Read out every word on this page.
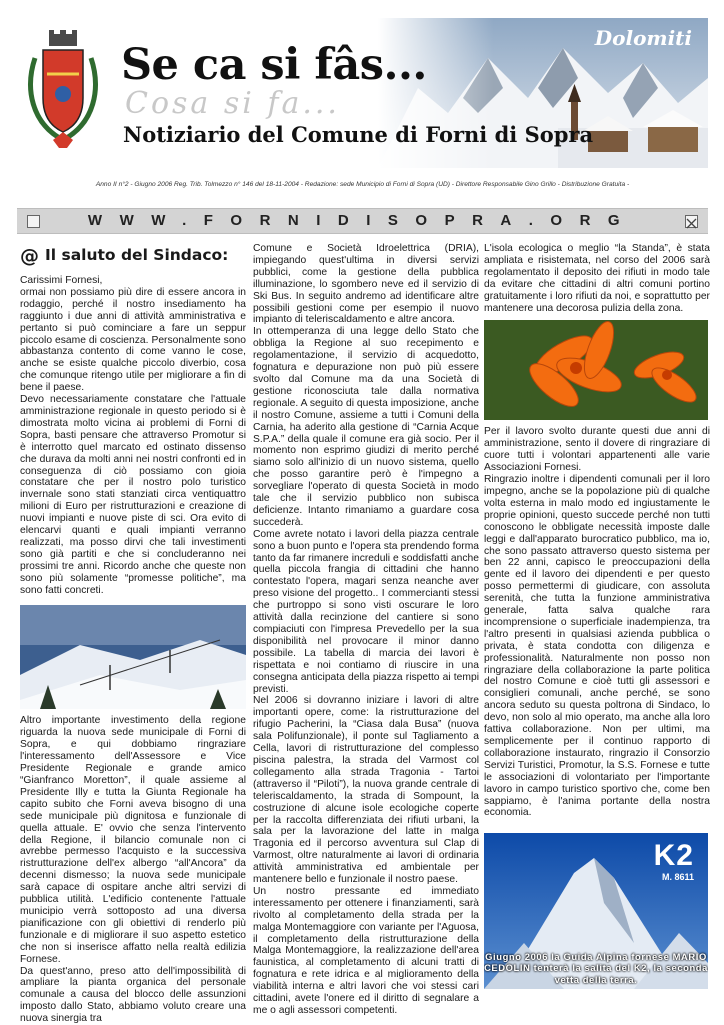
Se ca si fâs...
Cosa si fa...
Notiziario del Comune di Forni di Sopra
Dolomiti
Anno II n°2 - Giugno 2006 Reg. Trib. Tolmezzo n° 146 del 18-11-2004 - Redazione: sede Municipio di Forni di Sopra (UD) - Direttore Responsabile Gino Grillo - Distribuzione Gratuita -
WWW.FORNIDISOPRA.ORG
@ Il saluto del Sindaco:

Carissimi Fornesi,
ormai non possiamo più dire di essere ancora in rodaggio, perché il nostro insediamento ha raggiunto i due anni di attività amministrativa e pertanto si può cominciare a fare un seppur piccolo esame di coscienza. Personalmente sono abbastanza contento di come vanno le cose, anche se esiste qualche piccolo diverbio, cosa che comunque ritengo utile per migliorare a fin di bene il paese.
Devo necessariamente constatare che l'attuale amministrazione regionale in questo periodo si è dimostrata molto vicina ai problemi di Forni di Sopra, basti pensare che attraverso Promotur si è interrotto quel marcato ed ostinato dissenso che durava da molti anni nei nostri confronti ed in conseguenza di ciò possiamo con gioia constatare che per il nostro polo turistico invernale sono stati stanziati circa ventiquattro milioni di Euro per ristrutturazioni e creazione di nuovi impianti e nuove piste di sci. Ora evito di elencarvi quanti e quali impianti verranno realizzati, ma posso dirvi che tali investimenti sono già partiti e che si concluderanno nei prossimi tre anni. Ricordo anche che queste non sono più solamente “promesse politiche”, ma sono fatti concreti.

Altro importante investimento della regione riguarda la nuova sede municipale di Forni di Sopra, e qui dobbiamo ringraziare l'interessamento dell'Assessore e Vice Presidente Regionale e grande amico “Gianfranco Moretton”, il quale assieme al Presidente Illy e tutta la Giunta Regionale ha capito subito che Forni aveva bisogno di una sede municipale più dignitosa e funzionale di quella attuale. E' ovvio che senza l'intervento della Regione, il bilancio comunale non ci avrebbe permesso l'acquisto e la successiva ristrutturazione dell'ex albergo “all'Ancora” da decenni dismesso; la nuova sede municipale sarà capace di ospitare anche altri servizi di pubblica utilità. L'edificio contenente l'attuale municipio verrà sottoposto ad una diversa pianificazione con gli obiettivi di renderlo più funzionale e di migliorare il suo aspetto estetico che non si inserisce affatto nella realtà edilizia Fornese.
Da quest'anno, preso atto dell'impossibilità di ampliare la pianta organica del personale comunale a causa del blocco delle assunzioni imposto dallo Stato, abbiamo voluto creare una nuova sinergia tra

Comune e Società Idroelettrica (DRIA), impiegando quest'ultima in diversi servizi pubblici, come la gestione della pubblica illuminazione, lo sgombero neve ed il servizio di Ski Bus. In seguito andremo ad identificare altre possibili gestioni come per esempio il nuovo impianto di teleriscaldamento e altre ancora.
In ottemperanza di una legge dello Stato che obbliga la Regione al suo recepimento e regolamentazione, il servizio di acquedotto, fognatura e depurazione non può più essere svolto dal Comune ma da una Società di gestione riconosciuta tale dalla normativa regionale. A seguito di questa imposizione, anche il nostro Comune, assieme a tutti i Comuni della Carnia, ha aderito alla gestione di “Carnia Acque S.P.A.” della quale il comune era già socio. Per il momento non esprimo giudizi di merito perché siamo solo all'inizio di un nuovo sistema, quello che posso garantire però è l'impegno a sorvegliare l'operato di questa Società in modo tale che il servizio pubblico non subisca deficienze. Intanto rimaniamo a guardare cosa succederà.
Come avrete notato i lavori della piazza centrale sono a buon punto e l'opera sta prendendo forma tanto da far rimanere increduli e soddisfatti anche quella piccola frangia di cittadini che hanno contestato l'opera, magari senza neanche aver preso visione del progetto.. I commercianti stessi che purtroppo si sono visti oscurare le loro attività dalla recinzione del cantiere si sono compiaciuti con l'impresa Prevedello per la sua disponibilità nel provocare il minor danno possibile. La tabella di marcia dei lavori è rispettata e noi contiamo di riuscire in una consegna anticipata della piazza rispetto ai tempi previsti.
Nel 2006 si dovranno iniziare i lavori di altre importanti opere, come: la ristrutturazione del rifugio Pacherini, la “Ciasa dala Busa” (nuova sala Polifunzionale), il ponte sul Tagliamento a Cella, lavori di ristrutturazione del complesso piscina palestra, la strada del Varmost col collegamento alla strada Tragonia - Tartoi (attraverso il “Piloti”), la nuova grande centrale di teleriscaldamento, la strada di Sompount, la costruzione di alcune isole ecologiche coperte per la raccolta differenziata dei rifiuti urbani, la sala per la lavorazione del latte in malga Tragonia ed il percorso avventura sul Clap di Varmost, oltre naturalmente ai lavori di ordinaria attività amministrativa ed ambientale per mantenere bello e funzionale il nostro paese.
Un nostro pressante ed immediato interessamento per ottenere i finanziamenti, sarà rivolto al completamento della strada per la malga Montemaggiore con variante per l'Aguosa, il completamento della ristrutturazione della Malga Montemaggiore, la realizzazione dell'area faunistica, al completamento di alcuni tratti di fognatura e rete idrica e al miglioramento della viabilità interna e altri lavori che voi stessi cari cittadini, avete l'onere ed il diritto di segnalare a me o agli assessori competenti.

L'isola ecologica o meglio “la Standa”, è stata ampliata e risistemata, nel corso del 2006 sarà regolamentato il deposito dei rifiuti in modo tale da evitare che cittadini di altri comuni portino gratuitamente i loro rifiuti da noi, e soprattutto per mantenere una decorosa pulizia della zona.

Per il lavoro svolto durante questi due anni di amministrazione, sento il dovere di ringraziare di cuore tutti i volontari appartenenti alle varie Associazioni Fornesi.
Ringrazio inoltre i dipendenti comunali per il loro impegno, anche se la popolazione più di qualche volta esterna in malo modo ed ingiustamente le proprie opinioni, questo succede perché non tutti conoscono le obbligate necessità imposte dalle leggi e dall'apparato burocratico pubblico, ma io, che sono passato attraverso questo sistema per ben 22 anni, capisco le preoccupazioni della gente ed il lavoro dei dipendenti e per questo posso permettermi di giudicare, con assoluta serenità, che tutta la funzione amministrativa generale, fatta salva qualche rara incomprensione o superficiale inadempienza, tra l'altro presenti in qualsiasi azienda pubblica o privata, è stata condotta con diligenza e professionalità. Naturalmente non posso non ringraziare della collaborazione la parte politica del nostro Comune e cioè tutti gli assessori e consiglieri comunali, anche perché, se sono ancora seduto su questa poltrona di Sindaco, lo devo, non solo al mio operato, ma anche alla loro fattiva collaborazione. Non per ultimi, ma semplicemente per il continuo rapporto di collaborazione instaurato, ringrazio il Consorzio Servizi Turistici, Promotur, la S.S. Fornese e tutte le associazioni di volontariato per l'importante lavoro in campo turistico sportivo che, come ben sappiamo, è l'anima portante della nostra economia.

K2
M. 8611
Giugno 2006 la Guida Alpina fornese MARIO CEDOLIN tenterà la salita del K2, la seconda vetta della terra.
